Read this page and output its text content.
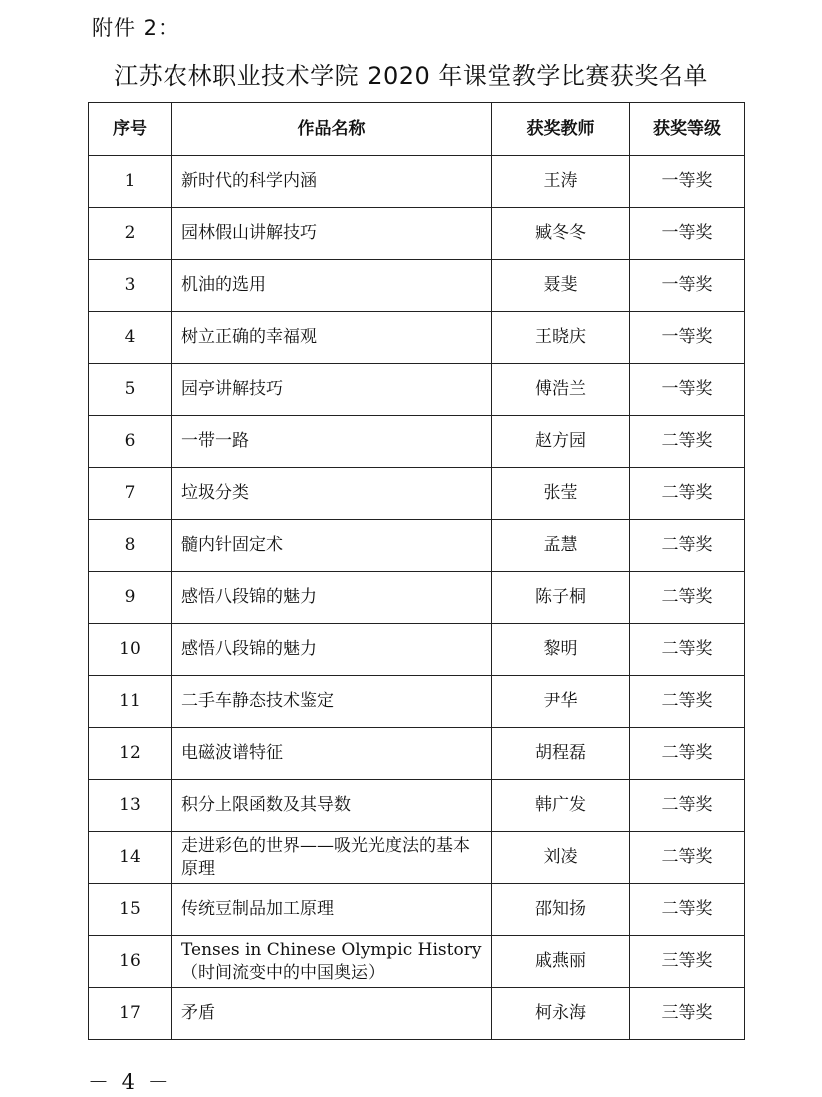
附件 2：
江苏农林职业技术学院 2020 年课堂教学比赛获奖名单
序号	作品名称	获奖教师	获奖等级
1	新时代的科学内涵	王涛	一等奖
2	园林假山讲解技巧	臧冬冬	一等奖
3	机油的选用	聂斐	一等奖
4	树立正确的幸福观	王晓庆	一等奖
5	园亭讲解技巧	傅浩兰	一等奖
6	一带一路	赵方园	二等奖
7	垃圾分类	张莹	二等奖
8	髓内针固定术	孟慧	二等奖
9	感悟八段锦的魅力	陈子桐	二等奖
10	感悟八段锦的魅力	黎明	二等奖
11	二手车静态技术鉴定	尹华	二等奖
12	电磁波谱特征	胡程磊	二等奖
13	积分上限函数及其导数	韩广发	二等奖
14	走进彩色的世界——吸光光度法的基本原理	刘凌	二等奖
15	传统豆制品加工原理	邵知扬	二等奖
16	Tenses in Chinese Olympic History（时间流变中的中国奥运）	戚燕丽	三等奖
17	矛盾	柯永海	三等奖
－ 4 －
